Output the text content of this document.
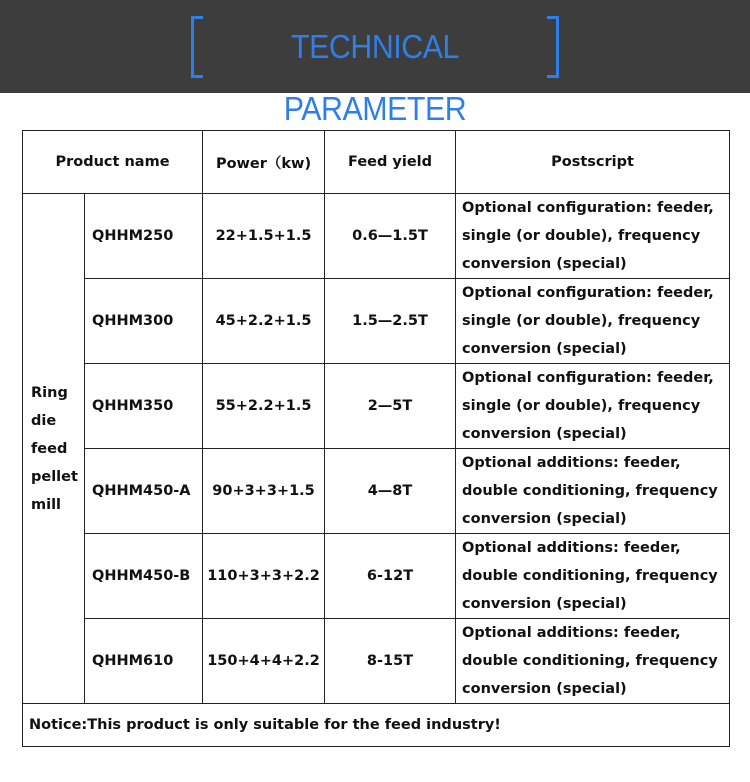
TECHNICAL PARAMETER
Product name		Power（kw)	Feed yield	Postscript

Ring die feed pellet mill	QHHM250	22+1.5+1.5	0.6—1.5T	Optional configuration: feeder, single (or double), frequency conversion (special)
	QHHM300	45+2.2+1.5	1.5—2.5T	Optional configuration: feeder, single (or double), frequency conversion (special)
	QHHM350	55+2.2+1.5	2—5T	Optional configuration: feeder, single (or double), frequency conversion (special)
	QHHM450-A	90+3+3+1.5	4—8T	Optional additions: feeder, double conditioning, frequency conversion (special)
	QHHM450-B	110+3+3+2.2	6-12T	Optional additions: feeder, double conditioning, frequency conversion (special)
	QHHM610	150+4+4+2.2	8-15T	Optional additions: feeder, double conditioning, frequency conversion (special)
Notice:This product is only suitable for the feed industry!				
